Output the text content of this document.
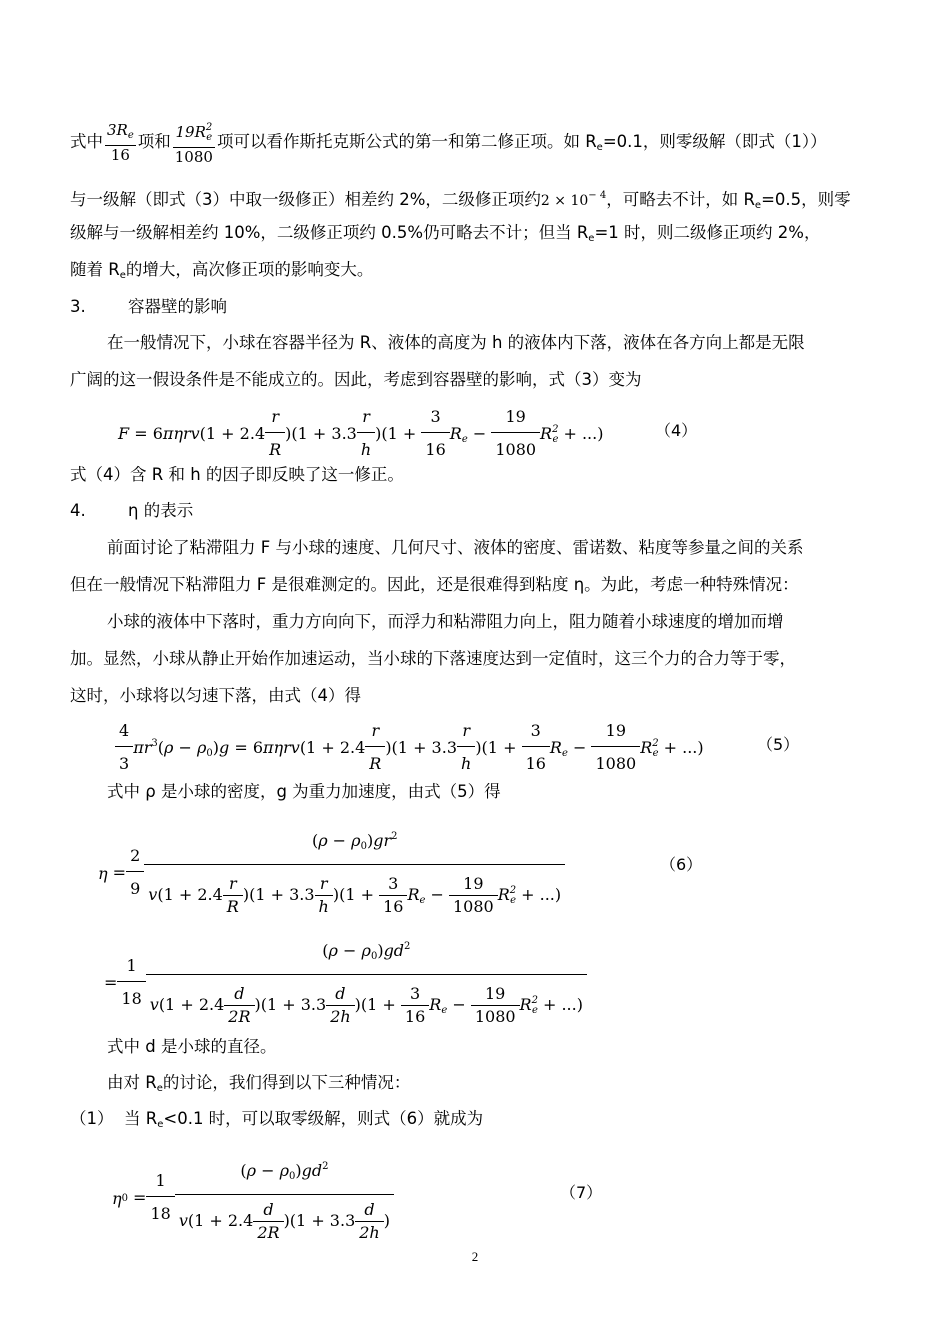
式中 $\frac{3R_e}{16}$ 项和 $\frac{19R^2_e}{1080}$ 项可以看作斯托克斯公式的第一和第二修正项。如 $R_e=0.1$，则零级解（即式（1））
与一级解（即式（3）中取一级修正）相差约 2%，二级修正项约$2 \times 10^{- 4}$，可略去不计，如 $R_e=0.5$，则零
级解与一级解相差约 10%，二级修正项约 0.5%仍可略去不计；但当 $R_e=1$ 时，则二级修正项约 2%，
随着 $R_e$的增大，高次修正项的影响变大。
3.	容器壁的影响
在一般情况下，小球在容器半径为 R、液体的高度为 h 的液体内下落，液体在各方向上都是无限
广阔的这一假设条件是不能成立的。因此，考虑到容器壁的影响，式（3）变为
$F = 6\pi\eta rv(1 + 2.4 \frac{r}{R} )(1 + 3.3 \frac{r}{h} )(1 + \frac{3}{16} R_e - \frac{19}{1080} R^2_e$ + ...)	（4）
式（4）含 R 和 h 的因子即反映了这一修正。
4.	η 的表示
前面讨论了粘滞阻力 F 与小球的速度、几何尺寸、液体的密度、雷诺数、粘度等参量之间的关系
但在一般情况下粘滞阻力 F 是很难测定的。因此，还是很难得到粘度 η。为此，考虑一种特殊情况：
小球的液体中下落时，重力方向向下，而浮力和粘滞阻力向上，阻力随着小球速度的增加而增
加。显然，小球从静止开始作加速运动，当小球的下落速度达到一定值时，这三个力的合力等于零，
这时，小球将以匀速下落，由式（4）得
$\frac{4}{3} \pi r^3(\rho - \rho_0)g = 6\pi\eta rv(1 + 2.4 \frac{r}{R} )(1 + 3.3 \frac{r}{h} )(1 + \frac{3}{16} R_e - \frac{19}{1080} R^2_e$ + ...)	（5）
式中 ρ 是小球的密度，g 为重力加速度，由式（5）得
$\eta = \frac{2}{9} \frac{(\rho - \rho_0)gr^2}{v(1 + 2.4 \frac{r}{R} )(1 + 3.3 \frac{r}{h} )(1 + \frac{3}{16} R_e - \frac{19}{1080} R^2_e + ...)}$	（6）
= $\frac{1}{18} \frac{(\rho - \rho_0)gd^2}{v(1 + 2.4 \frac{d}{2R} )(1 + 3.3 \frac{d}{2h} )(1 + \frac{3}{16} R_e - \frac{19}{1080} R^2_e + ...)}$
式中 d 是小球的直径。
由对 $R_e$的讨论，我们得到以下三种情况：
（1） 当 $R_e<0.1$ 时，可以取零级解，则式（6）就成为
$\eta 0 = \frac{1}{18} \frac{(\rho - \rho_0)gd^2}{v(1 + 2.4 \frac{d}{2R} )(1 + 3.3 \frac{d}{2h} )}$	（7）
2
